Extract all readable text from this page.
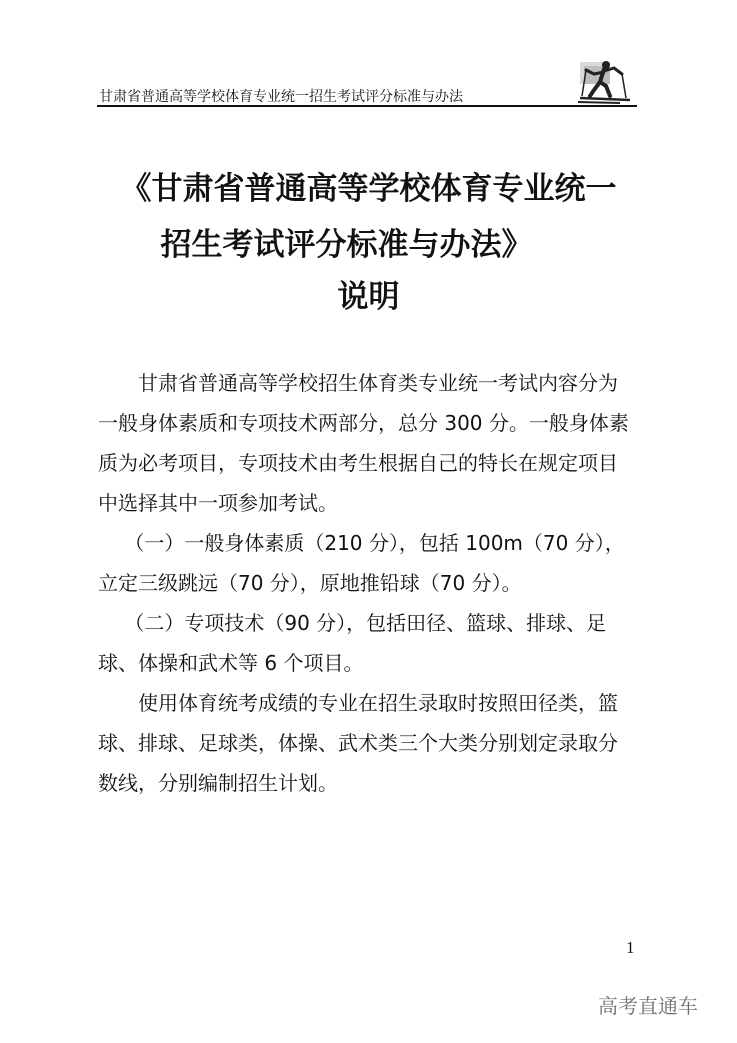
甘肃省普通高等学校体育专业统一招生考试评分标准与办法
《甘肃省普通高等学校体育专业统一
招生考试评分标准与办法》
说明
　　甘肃省普通高等学校招生体育类专业统一考试内容分为
一般身体素质和专项技术两部分，总分 300 分。一般身体素
质为必考项目，专项技术由考生根据自己的特长在规定项目
中选择其中一项参加考试。
　 （一）一般身体素质（210 分），包括 100m（70 分），
立定三级跳远（70 分），原地推铅球（70 分）。
　 （二）专项技术（90 分），包括田径、篮球、排球、足
球、体操和武术等 6 个项目。
　　使用体育统考成绩的专业在招生录取时按照田径类，篮
球、排球、足球类，体操、武术类三个大类分别划定录取分
数线，分别编制招生计划。
1
高考直通车
